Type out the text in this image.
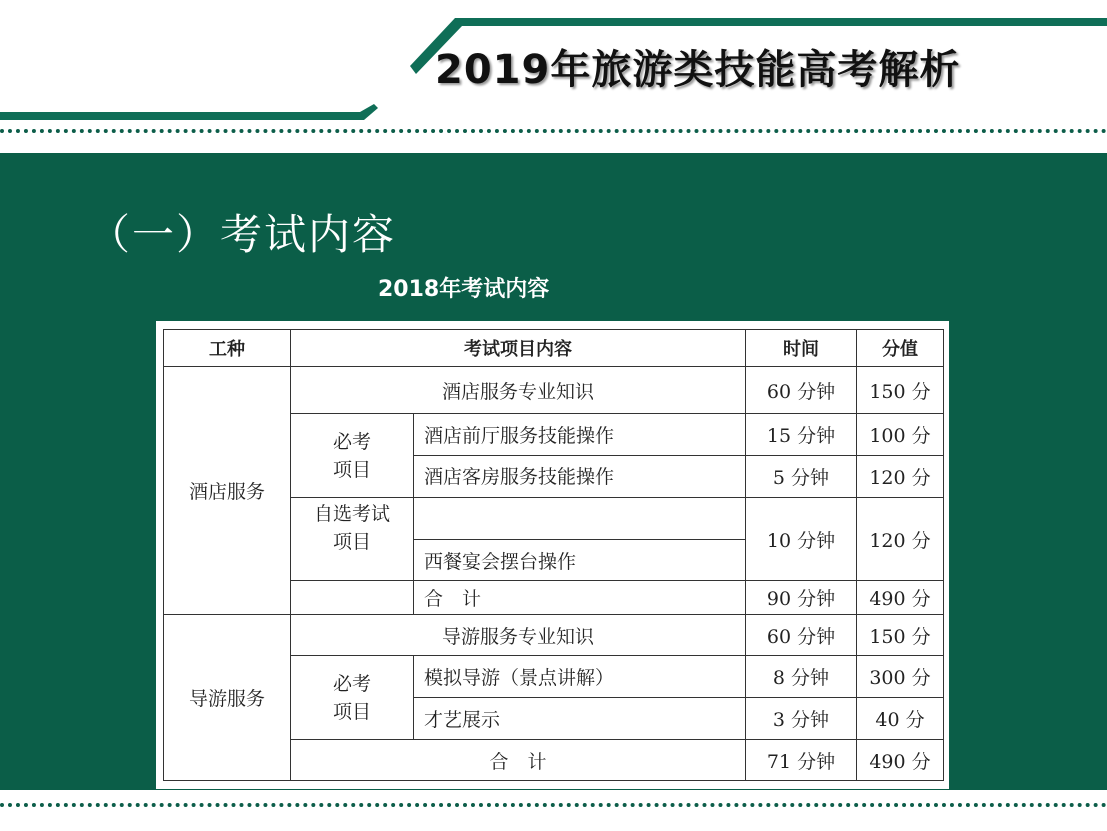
2019年旅游类技能高考解析
（一）考试内容
2018年考试内容
工种	考试项目内容		时间	分值
酒店服务	酒店服务专业知识		60 分钟	150 分
	必考项目	酒店前厅服务技能操作	15 分钟	100 分
		酒店客房服务技能操作	5 分钟	120 分
	自选考试项目		10 分钟	120 分
		西餐宴会摆台操作		
		合　计	90 分钟	490 分
导游服务	导游服务专业知识		60 分钟	150 分
	必考项目	模拟导游（景点讲解）	8 分钟	300 分
		才艺展示	3 分钟	40 分
	合　计		71 分钟	490 分
